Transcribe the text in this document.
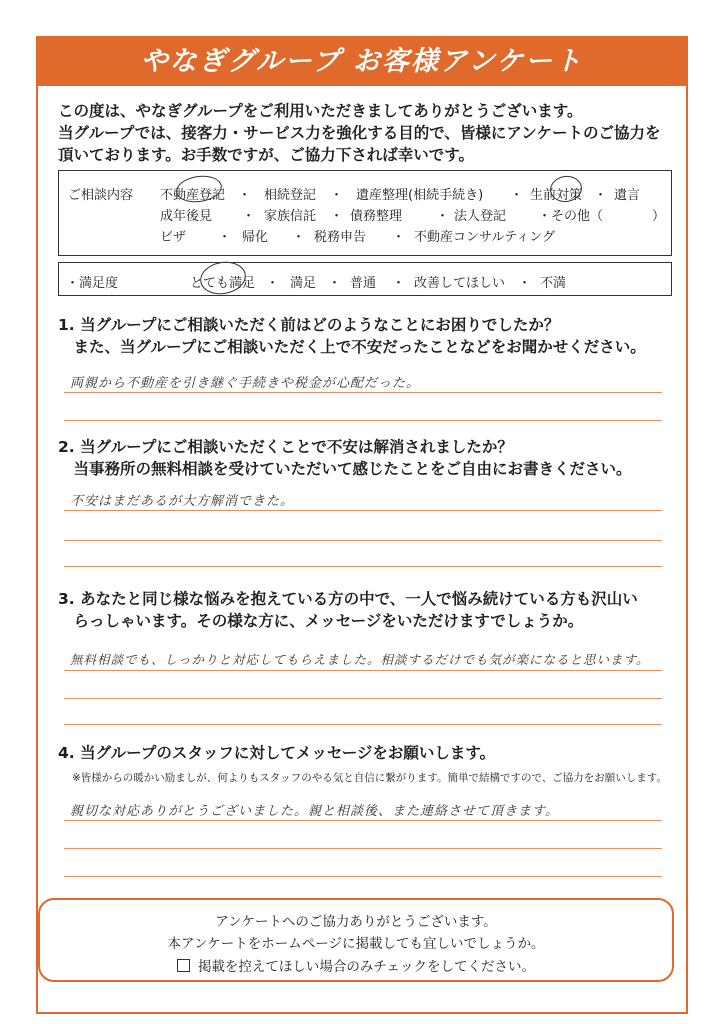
やなぎグループ お客様アンケート
この度は、やなぎグループをご利用いただきましてありがとうございます。
当グループでは、接客力・サービス力を強化する目的で、皆様にアンケートのご協力を
頂いております。お手数ですが、ご協力下されば幸いです。
ご相談内容 不動産登記 ・ 相続登記 ・ 遺産整理(相続手続き) ・ 生前対策 ・ 遺言
成年後見 ・ 家族信託 ・ 債務整理	・ 法人登記 ・その他（	）
ビザ ・ 帰化 ・ 税務申告 ・ 不動産コンサルティング
・満足度	とても満足 ・ 満足 ・ 普通 ・ 改善してほしい ・ 不満
1. 当グループにご相談いただく前はどのようなことにお困りでしたか？
　また、当グループにご相談いただく上で不安だったことなどをお聞かせください。
両親から不動産を引き継ぐ手続きや税金が心配だった。
2. 当グループにご相談いただくことで不安は解消されましたか？
　当事務所の無料相談を受けていただいて感じたことをご自由にお書きください。
不安はまだあるが大方解消できた。
3. あなたと同じ様な悩みを抱えている方の中で、一人で悩み続けている方も沢山い
　らっしゃいます。その様な方に、メッセージをいただけますでしょうか。
無料相談でも、しっかりと対応してもらえました。相談するだけでも気が楽になると思います。
4. 当グループのスタッフに対してメッセージをお願いします。
※皆様からの暖かい励ましが、何よりもスタッフのやる気と自信に繋がります。簡単で結構ですので、ご協力をお願いします。
親切な対応ありがとうございました。親と相談後、また連絡させて頂きます。
アンケートへのご協力ありがとうございます。
本アンケートをホームページに掲載しても宜しいでしょうか。
掲載を控えてほしい場合のみチェックをしてください。
